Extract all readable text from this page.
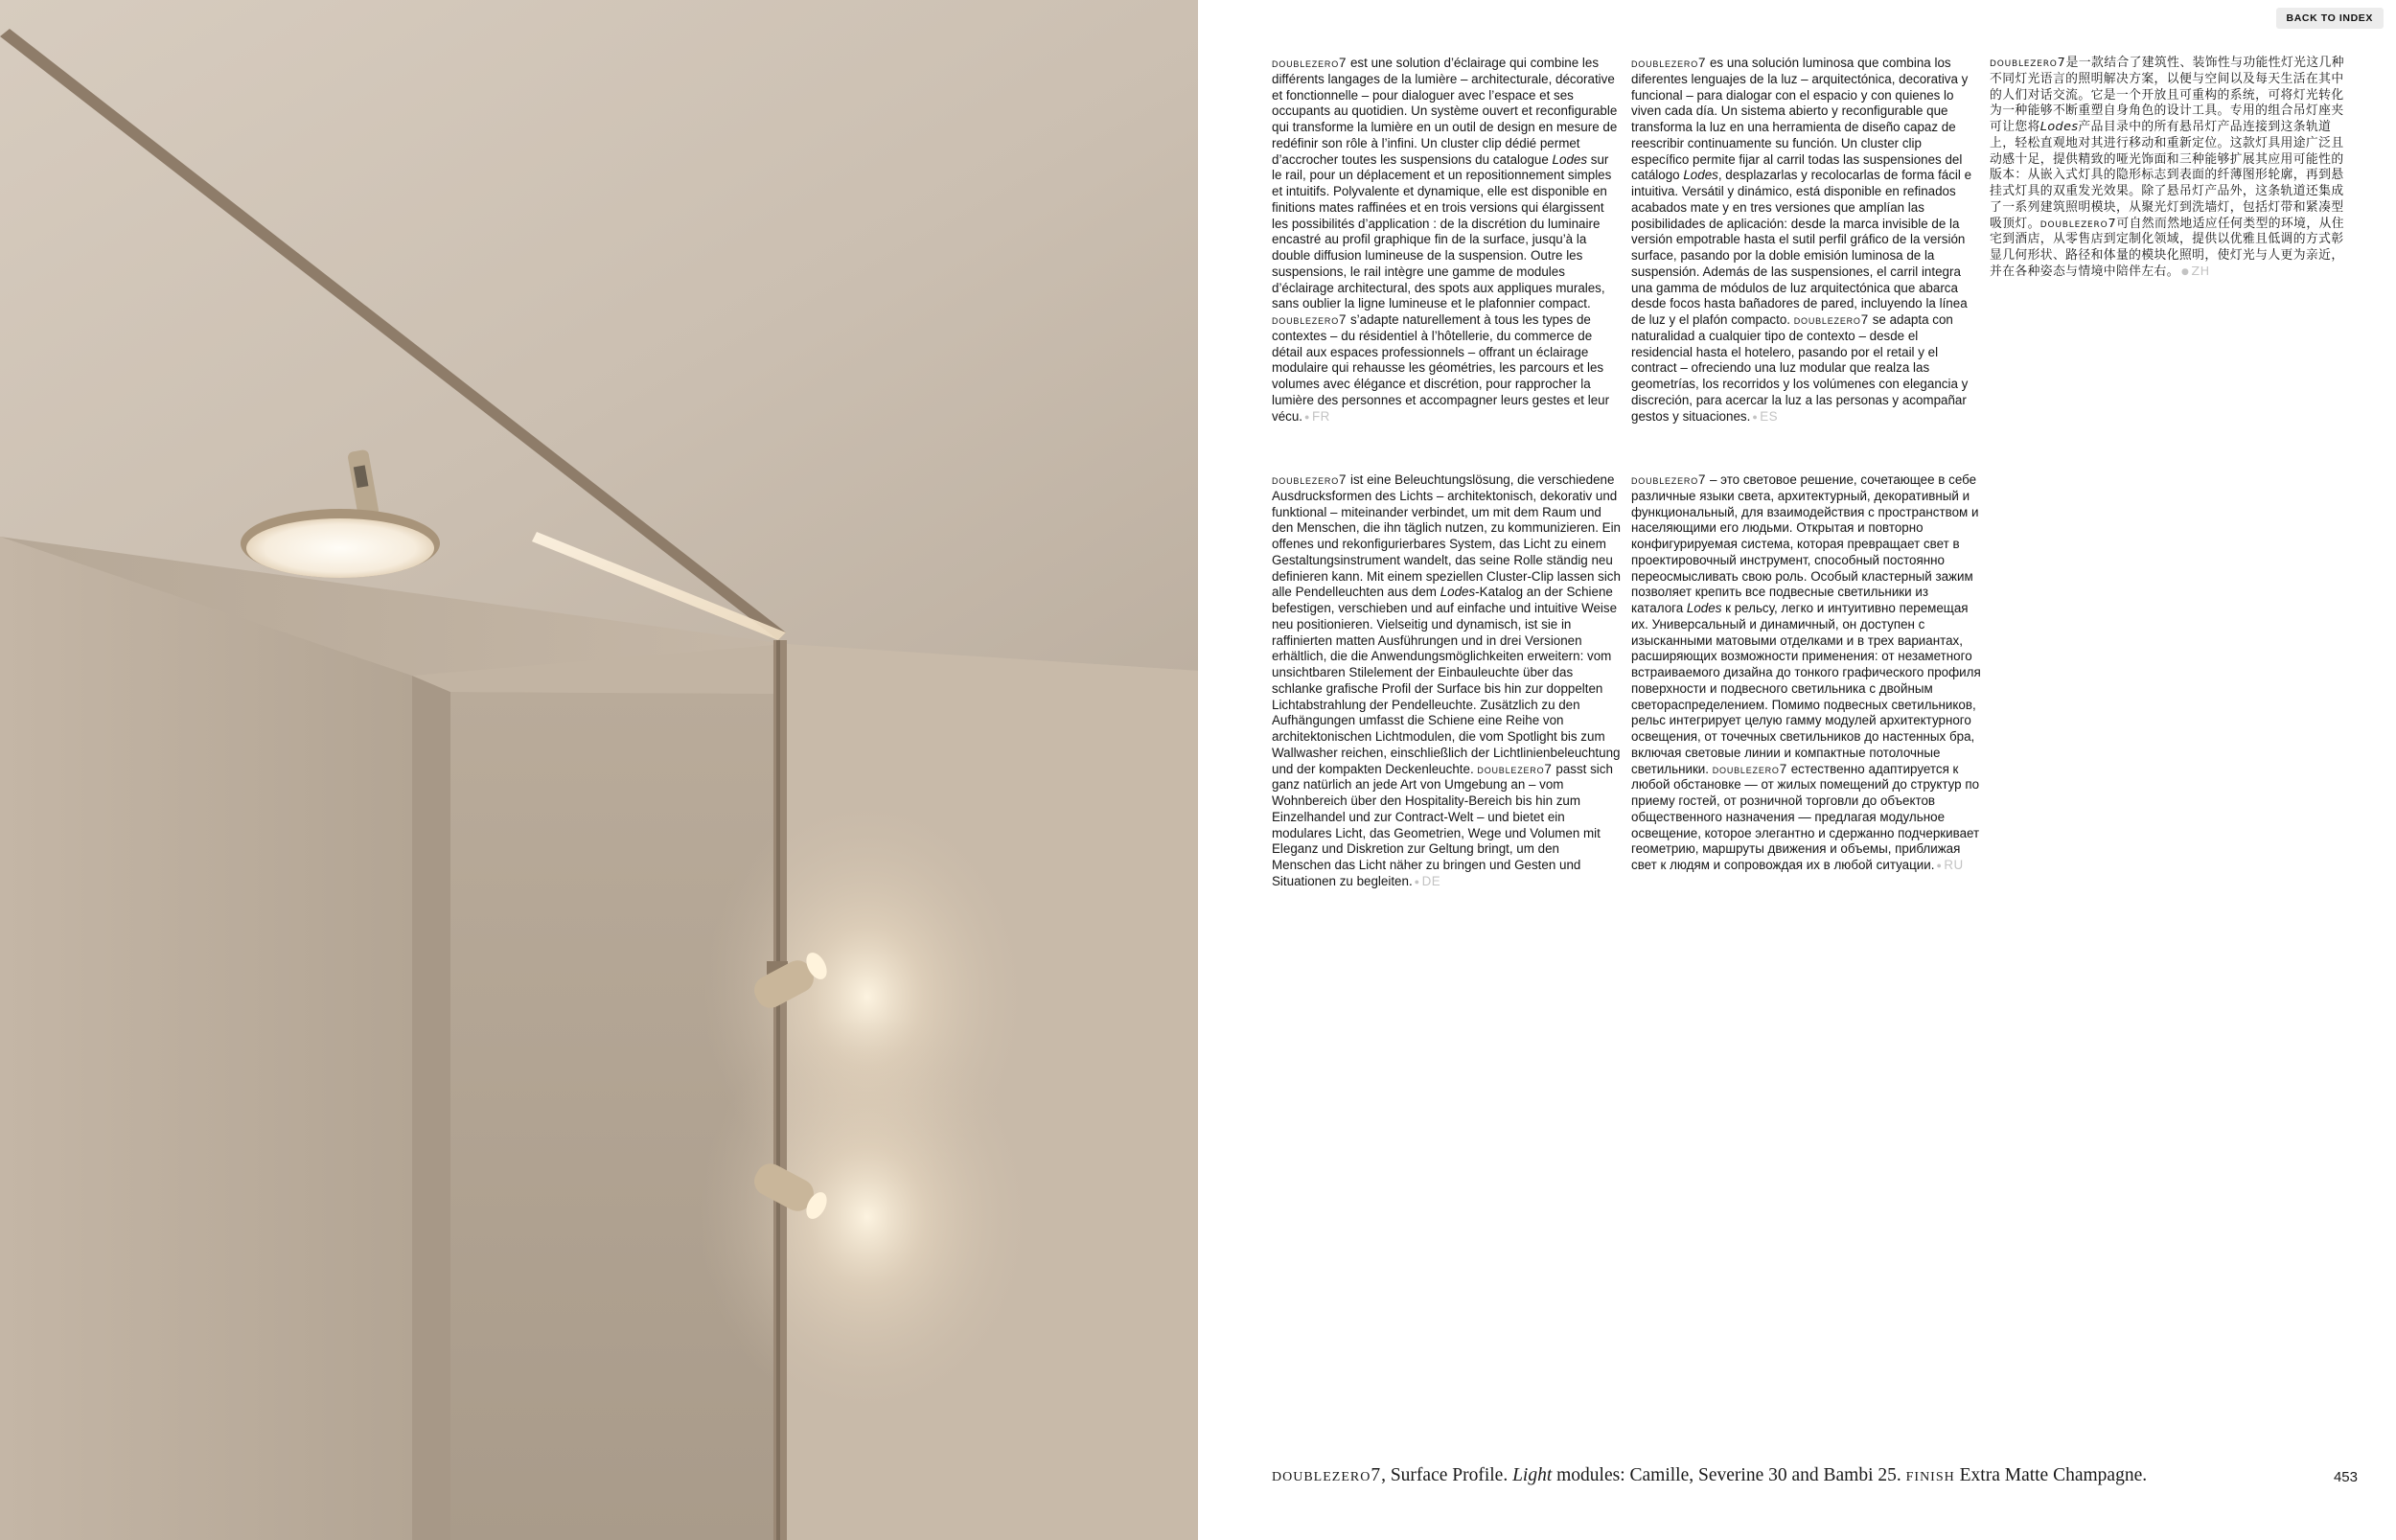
BACK TO INDEX
doublezero7 est une solution d’éclairage qui combine les différents langages de la lumière – architecturale, décorative et fonctionnelle – pour dialoguer avec l’espace et ses occupants au quotidien. Un système ouvert et reconfigurable qui transforme la lumière en un outil de design en mesure de redéfinir son rôle à l’infini. Un cluster clip dédié permet d’accrocher toutes les suspensions du catalogue Lodes sur le rail, pour un déplacement et un repositionnement simples et intuitifs. Polyvalente et dynamique, elle est disponible en finitions mates raffinées et en trois versions qui élargissent les possibilités d’application : de la discrétion du luminaire encastré au profil graphique fin de la surface, jusqu’à la double diffusion lumineuse de la suspension. Outre les suspensions, le rail intègre une gamme de modules d’éclairage architectural, des spots aux appliques murales, sans oublier la ligne lumineuse et le plafonnier compact. doublezero7 s’adapte naturellement à tous les types de contextes – du résidentiel à l’hôtellerie, du commerce de détail aux espaces professionnels – offrant un éclairage modulaire qui rehausse les géométries, les parcours et les volumes avec élégance et discrétion, pour rapprocher la lumière des personnes et accompagner leurs gestes et leur vécu. ● FR
doublezero7 es una solución luminosa que combina los diferentes lenguajes de la luz – arquitectónica, decorativa y funcional – para dialogar con el espacio y con quienes lo viven cada día. Un sistema abierto y reconfigurable que transforma la luz en una herramienta de diseño capaz de reescribir continuamente su función. Un cluster clip específico permite fijar al carril todas las suspensiones del catálogo Lodes, desplazarlas y recolocarlas de forma fácil e intuitiva. Versátil y dinámico, está disponible en refinados acabados mate y en tres versiones que amplían las posibilidades de aplicación: desde la marca invisible de la versión empotrable hasta el sutil perfil gráfico de la versión surface, pasando por la doble emisión luminosa de la suspensión. Además de las suspensiones, el carril integra una gamma de módulos de luz arquitectónica que abarca desde focos hasta bañadores de pared, incluyendo la línea de luz y el plafón compacto. doublezero7 se adapta con naturalidad a cualquier tipo de contexto – desde el residencial hasta el hotelero, pasando por el retail y el contract – ofreciendo una luz modular que realza las geometrías, los recorridos y los volúmenes con elegancia y discreción, para acercar la luz a las personas y acompañar gestos y situaciones. ● ES
doublezero7是一款结合了建筑性、装饰性与功能性灯光这几种不同灯光语言的照明解决方案，以便与空间以及每天生活在其中的人们对话交流。它是一个开放且可重构的系统，可将灯光转化为一种能够不断重塑自身角色的设计工具。专用的组合吊灯座夹可让您将Lodes产品目录中的所有悬吊灯产品连接到这条轨道上，轻松直观地对其进行移动和重新定位。这款灯具用途广泛且动感十足，提供精致的哑光饰面和三种能够扩展其应用可能性的版本：从嵌入式灯具的隐形标志到表面的纤薄图形轮廓，再到悬挂式灯具的双重发光效果。除了悬吊灯产品外，这条轨道还集成了一系列建筑照明模块，从聚光灯到洗墙灯，包括灯带和紧凑型吸顶灯。doublezero7可自然而然地适应任何类型的环境，从住宅到酒店，从零售店到定制化领域，提供以优雅且低调的方式彰显几何形状、路径和体量的模块化照明，使灯光与人更为亲近，并在各种姿态与情境中陪伴左右。 ● ZH
doublezero7 ist eine Beleuchtungslösung, die verschiedene Ausdrucksformen des Lichts – architektonisch, dekorativ und funktional – miteinander verbindet, um mit dem Raum und den Menschen, die ihn täglich nutzen, zu kommunizieren. Ein offenes und rekonfigurierbares System, das Licht zu einem Gestaltungsinstrument wandelt, das seine Rolle ständig neu definieren kann. Mit einem speziellen Cluster-Clip lassen sich alle Pendelleuchten aus dem Lodes-Katalog an der Schiene befestigen, verschieben und auf einfache und intuitive Weise neu positionieren. Vielseitig und dynamisch, ist sie in raffinierten matten Ausführungen und in drei Versionen erhältlich, die die Anwendungsmöglichkeiten erweitern: vom unsichtbaren Stilelement der Einbauleuchte über das schlanke grafische Profil der Surface bis hin zur doppelten Lichtabstrahlung der Pendelleuchte. Zusätzlich zu den Aufhängungen umfasst die Schiene eine Reihe von architektonischen Lichtmodulen, die vom Spotlight bis zum Wallwasher reichen, einschließlich der Lichtlinienbeleuchtung und der kompakten Deckenleuchte. doublezero7 passt sich ganz natürlich an jede Art von Umgebung an – vom Wohnbereich über den Hospitality-Bereich bis hin zum Einzelhandel und zur Contract-Welt – und bietet ein modulares Licht, das Geometrien, Wege und Volumen mit Eleganz und Diskretion zur Geltung bringt, um den Menschen das Licht näher zu bringen und Gesten und Situationen zu begleiten. ● DE
doublezero7 – это световое решение, сочетающее в себе различные языки света, архитектурный, декоративный и функциональный, для взаимодействия с пространством и населяющими его людьми. Открытая и повторно конфигурируемая система, которая превращает свет в проектировочный инструмент, способный постоянно переосмысливать свою роль. Особый кластерный зажим позволяет крепить все подвесные светильники из каталога Lodes к рельсу, легко и интуитивно перемещая их. Универсальный и динамичный, он доступен с изысканными матовыми отделками и в трех вариантах, расширяющих возможности применения: от незаметного встраиваемого дизайна до тонкого графического профиля поверхности и подвесного светильника с двойным светораспределением. Помимо подвесных светильников, рельс интегрирует целую гамму модулей архитектурного освещения, от точечных светильников до настенных бра, включая световые линии и компактные потолочные светильники. doublezero7 естественно адаптируется к любой обстановке — от жилых помещений до структур по приему гостей, от розничной торговли до объектов общественного назначения — предлагая модульное освещение, которое элегантно и сдержанно подчеркивает геометрию, маршруты движения и объемы, приближая свет к людям и сопровождая их в любой ситуации. ● RU
doublezero7, Surface Profile. Light modules: Camille, Severine 30 and Bambi 25. finish Extra Matte Champagne.	453
